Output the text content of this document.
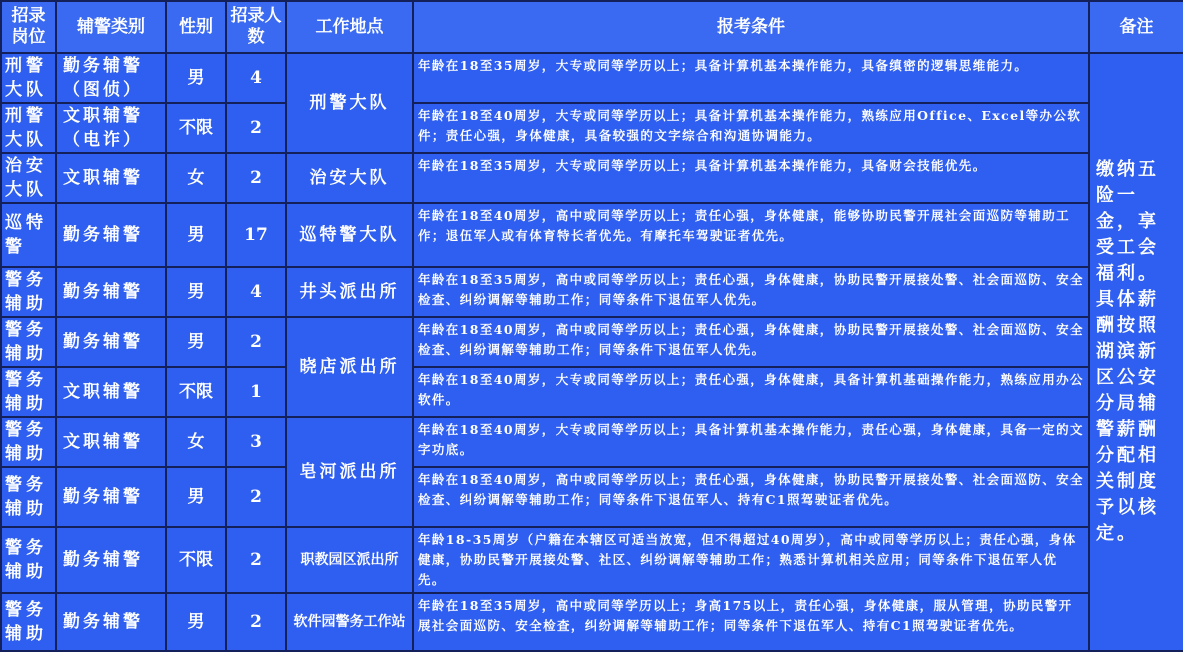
招录岗位	辅警类别	性别	招录人数	工作地点	报考条件	备注
刑警大队	勤务辅警（图侦）	男	4	刑警大队	年龄在18至35周岁，大专或同等学历以上；具备计算机基本操作能力，具备缜密的逻辑思维能力。	缴纳五险一金，享受工会福利。具体薪酬按照湖滨新区公安分局辅警薪酬分配相关制度予以核定。
刑警大队	文职辅警（电诈）	不限	2		年龄在18至40周岁，大专或同等学历以上；具备计算机基本操作能力，熟练应用Office、Excel等办公软件；责任心强，身体健康，具备较强的文字综合和沟通协调能力。	
治安大队	文职辅警	女	2	治安大队	年龄在18至35周岁，大专或同等学历以上；具备计算机基本操作能力，具备财会技能优先。	
巡特警	勤务辅警	男	17	巡特警大队	年龄在18至40周岁，高中或同等学历以上；责任心强，身体健康，能够协助民警开展社会面巡防等辅助工作；退伍军人或有体育特长者优先。有摩托车驾驶证者优先。	
警务辅助	勤务辅警	男	4	井头派出所	年龄在18至35周岁，高中或同等学历以上；责任心强，身体健康，协助民警开展接处警、社会面巡防、安全检查、纠纷调解等辅助工作；同等条件下退伍军人优先。	
警务辅助	勤务辅警	男	2	晓店派出所	年龄在18至40周岁，高中或同等学历以上；责任心强，身体健康，协助民警开展接处警、社会面巡防、安全检查、纠纷调解等辅助工作；同等条件下退伍军人优先。	
警务辅助	文职辅警	不限	1		年龄在18至40周岁，大专或同等学历以上；责任心强，身体健康，具备计算机基础操作能力，熟练应用办公软件。	
警务辅助	文职辅警	女	3	皂河派出所	年龄在18至40周岁，大专或同等学历以上；具备计算机基本操作能力，责任心强，身体健康，具备一定的文字功底。	
警务辅助	勤务辅警	男	2		年龄在18至40周岁，高中或同等学历以上；责任心强，身体健康，协助民警开展接处警、社会面巡防、安全检查、纠纷调解等辅助工作；同等条件下退伍军人、持有C1照驾驶证者优先。	
警务辅助	勤务辅警	不限	2	职教园区派出所	年龄18-35周岁（户籍在本辖区可适当放宽，但不得超过40周岁），高中或同等学历以上；责任心强，身体健康，协助民警开展接处警、社区、纠纷调解等辅助工作；熟悉计算机相关应用；同等条件下退伍军人优先。	
警务辅助	勤务辅警	男	2	软件园警务工作站	年龄在18至35周岁，高中或同等学历以上；身高175以上，责任心强，身体健康，服从管理，协助民警开展社会面巡防、安全检查，纠纷调解等辅助工作；同等条件下退伍军人、持有C1照驾驶证者优先。	
